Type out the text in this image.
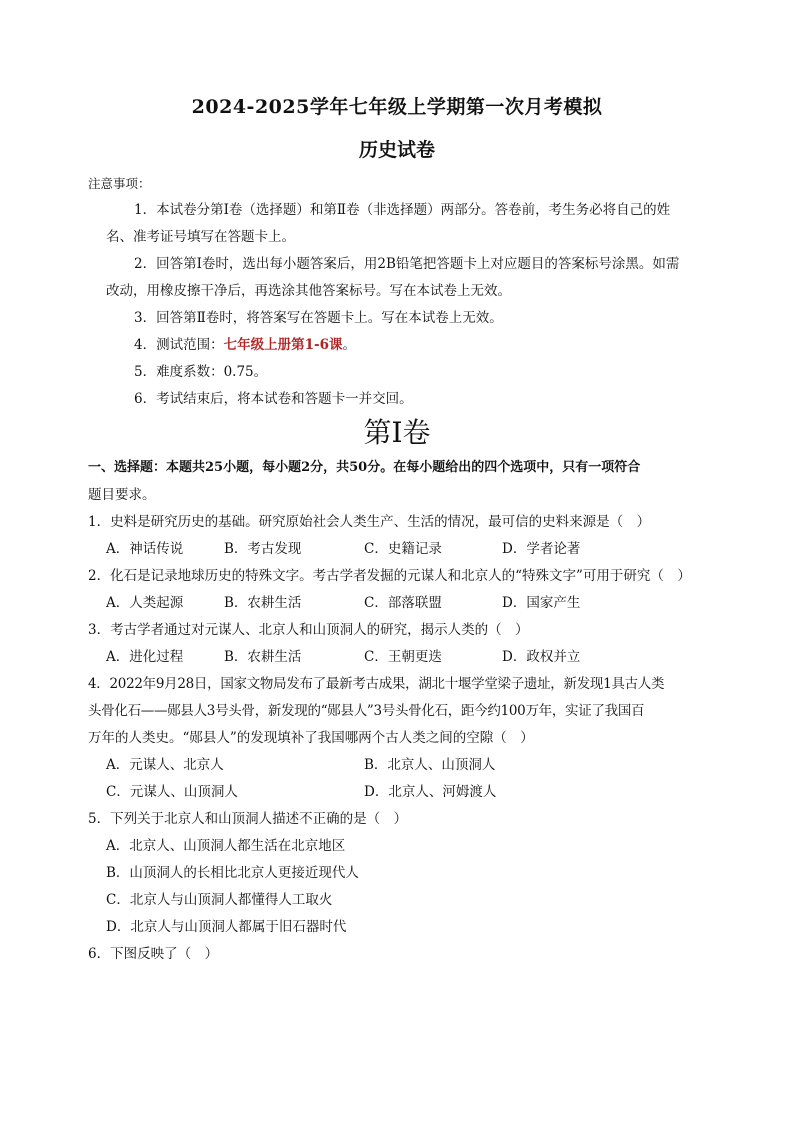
2024-2025学年七年级上学期第一次月考模拟
历史试卷
注意事项：
1．本试卷分第Ⅰ卷（选择题）和第Ⅱ卷（非选择题）两部分。答卷前，考生务必将自己的姓
名、准考证号填写在答题卡上。
2．回答第Ⅰ卷时，选出每小题答案后，用2B铅笔把答题卡上对应题目的答案标号涂黑。如需
改动，用橡皮擦干净后，再选涂其他答案标号。写在本试卷上无效。
3．回答第Ⅱ卷时，将答案写在答题卡上。写在本试卷上无效。
4．测试范围：七年级上册第1-6课。
5．难度系数：0.75。
6．考试结束后，将本试卷和答题卡一并交回。
第Ⅰ卷
一、选择题：本题共25小题，每小题2分，共50分。在每小题给出的四个选项中，只有一项符合
题目要求。
1．史料是研究历史的基础。研究原始社会人类生产、生活的情况，最可信的史料来源是（　）
A．神话传说	B．考古发现	C．史籍记录	D．学者论著
2．化石是记录地球历史的特殊文字。考古学者发掘的元谋人和北京人的“特殊文字”可用于研究（　）
A．人类起源	B．农耕生活	C．部落联盟	D．国家产生
3．考古学者通过对元谋人、北京人和山顶洞人的研究，揭示人类的（　）
A．进化过程	B．农耕生活	C．王朝更迭	D．政权并立
4．2022年9月28日，国家文物局发布了最新考古成果，湖北十堰学堂梁子遗址，新发现1具古人类
头骨化石——郧县人3号头骨，新发现的“郧县人”3号头骨化石，距今约100万年，实证了我国百
万年的人类史。“郧县人”的发现填补了我国哪两个古人类之间的空隙（　）
A．元谋人、北京人	B．北京人、山顶洞人
C．元谋人、山顶洞人	D．北京人、河姆渡人
5．下列关于北京人和山顶洞人描述不正确的是（　）
A．北京人、山顶洞人都生活在北京地区
B．山顶洞人的长相比北京人更接近现代人
C．北京人与山顶洞人都懂得人工取火
D．北京人与山顶洞人都属于旧石器时代
6．下图反映了（　）
